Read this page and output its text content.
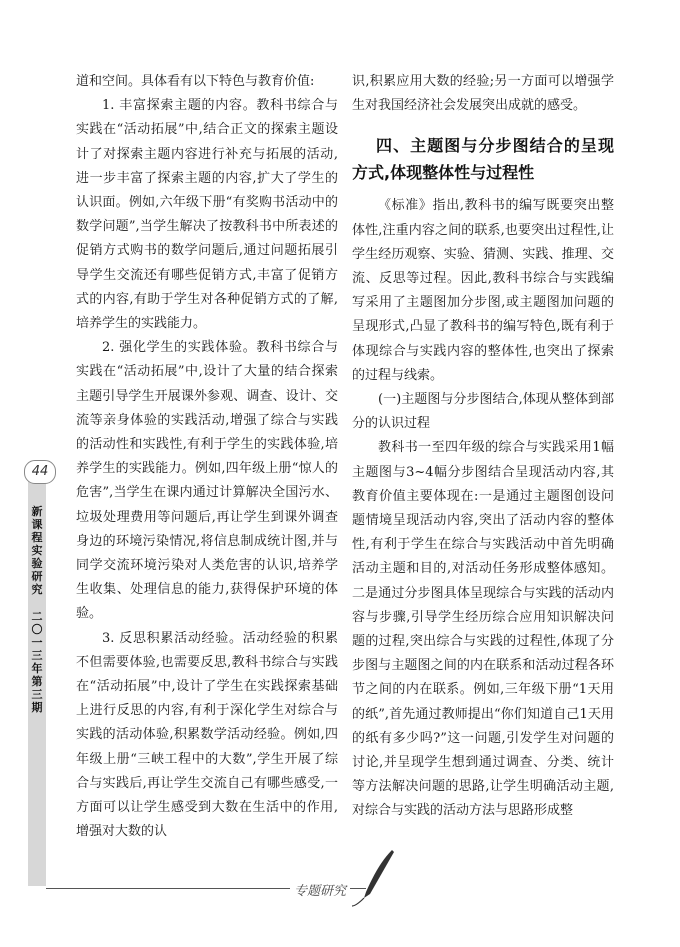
44
新课程实验研究
二〇一三年第三期

道和空间。具体看有以下特色与教育价值:

1. 丰富探索主题的内容。教科书综合与实践在“活动拓展”中,结合正文的探索主题设计了对探索主题内容进行补充与拓展的活动,进一步丰富了探索主题的内容,扩大了学生的认识面。例如,六年级下册“有奖购书活动中的数学问题”,当学生解决了按教科书中所表述的促销方式购书的数学问题后,通过问题拓展引导学生交流还有哪些促销方式,丰富了促销方式的内容,有助于学生对各种促销方式的了解,培养学生的实践能力。

2. 强化学生的实践体验。教科书综合与实践在“活动拓展”中,设计了大量的结合探索主题引导学生开展课外参观、调查、设计、交流等亲身体验的实践活动,增强了综合与实践的活动性和实践性,有利于学生的实践体验,培养学生的实践能力。例如,四年级上册“惊人的危害”,当学生在课内通过计算解决全国污水、垃圾处理费用等问题后,再让学生到课外调查身边的环境污染情况,将信息制成统计图,并与同学交流环境污染对人类危害的认识,培养学生收集、处理信息的能力,获得保护环境的体验。

3. 反思积累活动经验。活动经验的积累不但需要体验,也需要反思,教科书综合与实践在“活动拓展”中,设计了学生在实践探索基础上进行反思的内容,有利于深化学生对综合与实践的活动体验,积累数学活动经验。例如,四年级上册“三峡工程中的大数”,学生开展了综合与实践后,再让学生交流自己有哪些感受,一方面可以让学生感受到大数在生活中的作用,增强对大数的认

识,积累应用大数的经验;另一方面可以增强学生对我国经济社会发展突出成就的感受。

四、主题图与分步图结合的呈现方式,体现整体性与过程性

《标准》指出,教科书的编写既要突出整体性,注重内容之间的联系,也要突出过程性,让学生经历观察、实验、猜测、实践、推理、交流、反思等过程。因此,教科书综合与实践编写采用了主题图加分步图,或主题图加问题的呈现形式,凸显了教科书的编写特色,既有利于体现综合与实践内容的整体性,也突出了探索的过程与线索。

(一)主题图与分步图结合,体现从整体到部分的认识过程

教科书一至四年级的综合与实践采用1幅主题图与3~4幅分步图结合呈现活动内容,其教育价值主要体现在:一是通过主题图创设问题情境呈现活动内容,突出了活动内容的整体性,有利于学生在综合与实践活动中首先明确活动主题和目的,对活动任务形成整体感知。二是通过分步图具体呈现综合与实践的活动内容与步骤,引导学生经历综合应用知识解决问题的过程,突出综合与实践的过程性,体现了分步图与主题图之间的内在联系和活动过程各环节之间的内在联系。例如,三年级下册“1天用的纸”,首先通过教师提出“你们知道自己1天用的纸有多少吗?”这一问题,引发学生对问题的讨论,并呈现学生想到通过调查、分类、统计等方法解决问题的思路,让学生明确活动主题,对综合与实践的活动方法与思路形成整

专题研究
